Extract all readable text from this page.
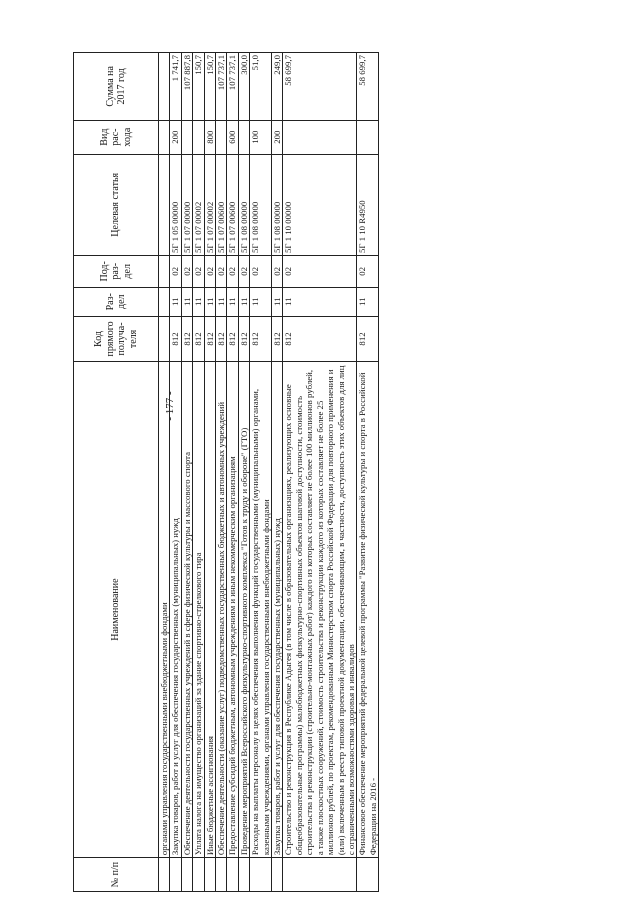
- 177 -
№ п/п	Наименование	Код прямого получа-теля	Раз-дел	Под-раз-дел	Целевая статья	Вид рас-хода	Сумма на 2017 год
	органами управления государственными внебюджетными фондами						
	Закупка товаров, работ и услуг для обеспечения государственных (муниципальных) нужд	812	11	02	5Г 1 05 00000	200	1 741,7
	Обеспечение деятельности государственных учреждений в сфере физической культуры и массового спорта	812	11	02	5Г 1 07 00000		107 887,8
	Уплата налога на имущество организаций за здание спортивно-стрелкового тира	812	11	02	5Г 1 07 00002		150,7
	Иные бюджетные ассигнования	812	11	02	5Г 1 07 00002	800	150,7
	Обеспечение деятельности (оказание услуг) подведомственных государственных бюджетных и автономных учреждений	812	11	02	5Г 1 07 00600		107 737,1
	Предоставление субсидий бюджетным, автономным учреждениям и иным некоммерческим организациям	812	11	02	5Г 1 07 00600	600	107 737,1
	Проведение мероприятий Всероссийского физкультурно-спортивного комплекса "Готов к труду и обороне" (ГТО)	812	11	02	5Г 1 08 00000		300,0
	Расходы на выплаты персоналу в целях обеспечения выполнения функций государственными (муниципальными) органами, казенными учреждениями, органами управления государственными внебюджетными фондами	812	11	02	5Г 1 08 00000	100	51,0
	Закупка товаров, работ и услуг для обеспечения государственных (муниципальных) нужд	812	11	02	5Г 1 08 00000	200	249,0
	Строительство и реконструкция в Республике Адыгея (в том числе в образовательных организациях, реализующих основные общеобразовательные программы) малобюджетных физкультурно-спортивных объектов шаговой доступности, стоимость строительства и реконструкции (строительно-монтажных работ) каждого из которых составляет не более 100 миллионов рублей, а также плоскостных сооружений, стоимость строительства и реконструкции каждого из которых составляет не более 25 миллионов рублей, по проектам, рекомендованным Министерством спорта Российской Федерации для повторного применения и (или) включенным в реестр типовой проектной документации, обеспечивающим, в частности, доступность этих объектов для лиц с ограниченными возможностями здоровья и инвалидов	812	11	02	5Г 1 10 00000		58 699,7
	Финансовое обеспечение мероприятий федеральной целевой программы "Развитие физической культуры и спорта в Российской Федерации на 2016 -	812	11	02	5Г 1 10 R4950		58 699,7
